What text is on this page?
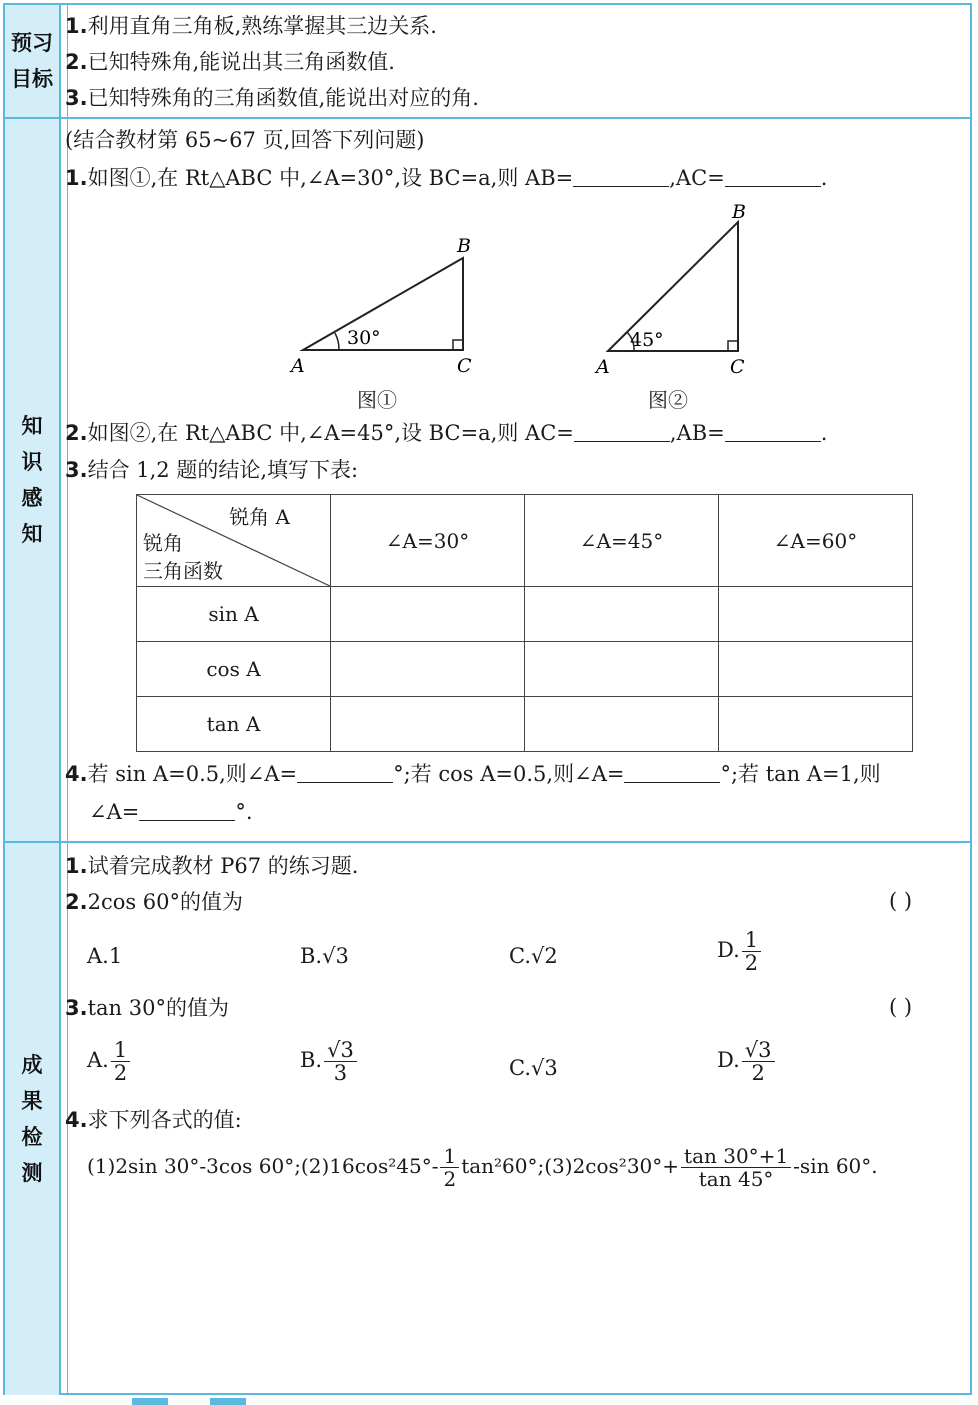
预习
目标
1.利用直角三角板,熟练掌握其三边关系.
2.已知特殊角,能说出其三角函数值.
3.已知特殊角的三角函数值,能说出对应的角.
知
识
感
知
(结合教材第 65~67 页,回答下列问题)
1.如图①,在 Rt△ABC 中,∠A=30°,设 BC=a,则 AB=	,AC=	.
30°
A
B
C
图①
45°
A
B
C
图②
2.如图②,在 Rt△ABC 中,∠A=45°,设 BC=a,则 AC=	,AB=	.
3.结合 1,2 题的结论,填写下表:
锐角 A
锐角
三角函数	∠A=30°	∠A=45°	∠A=60°
sin A			
cos A			
tan A			
4.若 sin A=0.5,则∠A=	°;若 cos A=0.5,则∠A=	°;若 tan A=1,则
∠A=	°.
成
果
检
测
1.试着完成教材 P67 的练习题.
2.2cos 60°的值为	( )
A.1	B.√3	C.√2	D. $\frac{1}{2}$
3.tan 30°的值为	( )
A. $\frac{1}{2}$	B. $\frac{√3}{3}$	C.√3	D. $\frac{√3}{2}$
4.求下列各式的值:
(1)2sin 30°-3cos 60°;(2)16cos²45°- $\frac{1}{2}$ tan²60°;(3)2cos²30°+ $\frac{\tan 30^\circ+1}{\tan 45^\circ} -\sin$ 60°.
